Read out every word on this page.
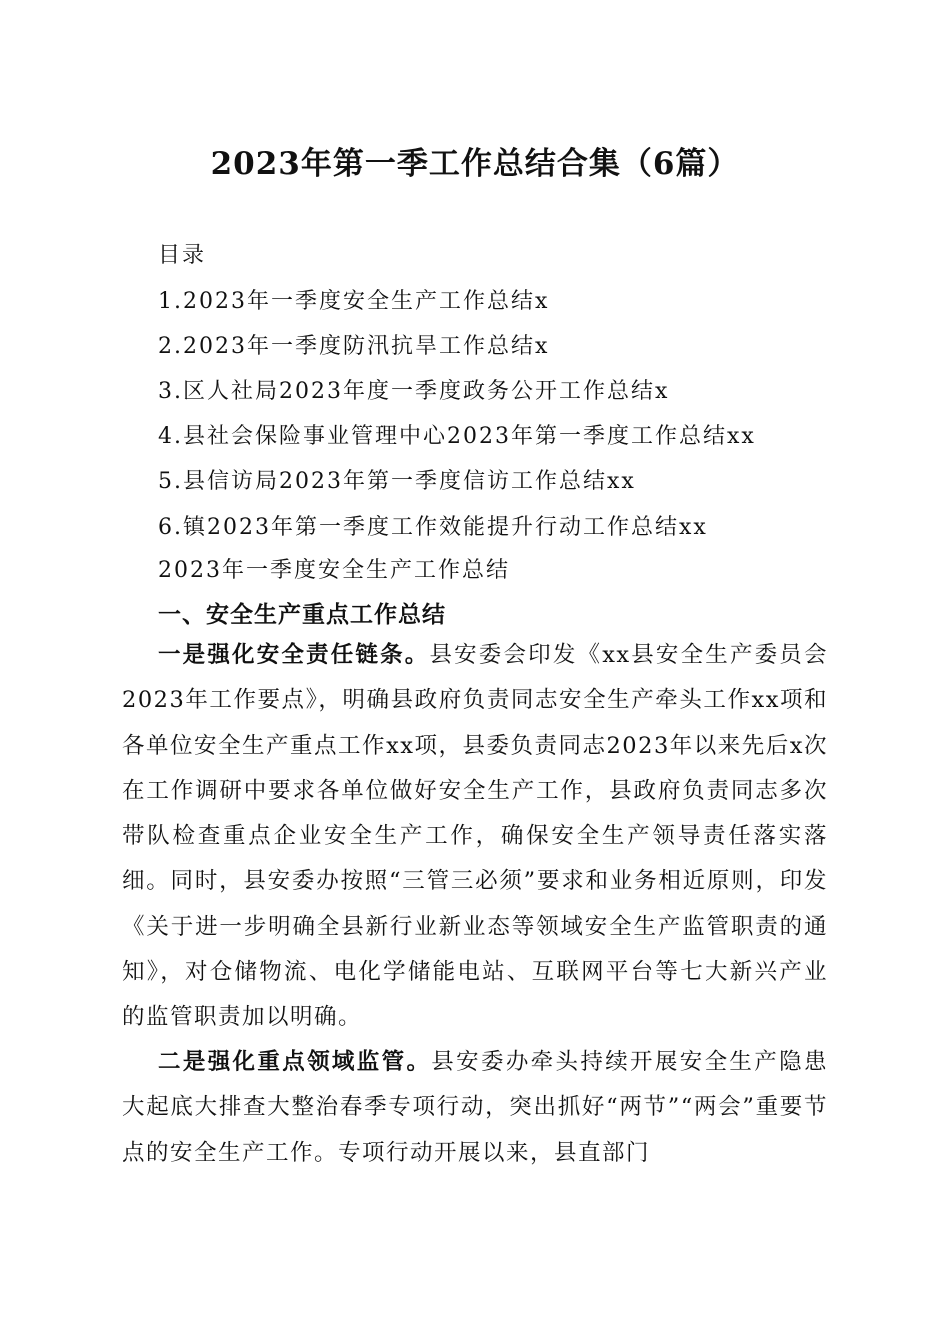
2023年第一季工作总结合集（6篇）
目录
1.2023年一季度安全生产工作总结x
2.2023年一季度防汛抗旱工作总结x
3.区人社局2023年度一季度政务公开工作总结x
4.县社会保险事业管理中心2023年第一季度工作总结xx
5.县信访局2023年第一季度信访工作总结xx
6.镇2023年第一季度工作效能提升行动工作总结xx
2023年一季度安全生产工作总结
一、安全生产重点工作总结
一是强化安全责任链条。县安委会印发《xx县安全生产委员会2023年工作要点》，明确县政府负责同志安全生产牵头工作xx项和各单位安全生产重点工作xx项，县委负责同志2023年以来先后x次在工作调研中要求各单位做好安全生产工作，县政府负责同志多次带队检查重点企业安全生产工作，确保安全生产领导责任落实落细。同时，县安委办按照“三管三必须”要求和业务相近原则，印发《关于进一步明确全县新行业新业态等领域安全生产监管职责的通知》，对仓储物流、电化学储能电站、互联网平台等七大新兴产业的监管职责加以明确。
二是强化重点领域监管。县安委办牵头持续开展安全生产隐患大起底大排查大整治春季专项行动，突出抓好“两节”“两会”重要节点的安全生产工作。专项行动开展以来，县直部门
